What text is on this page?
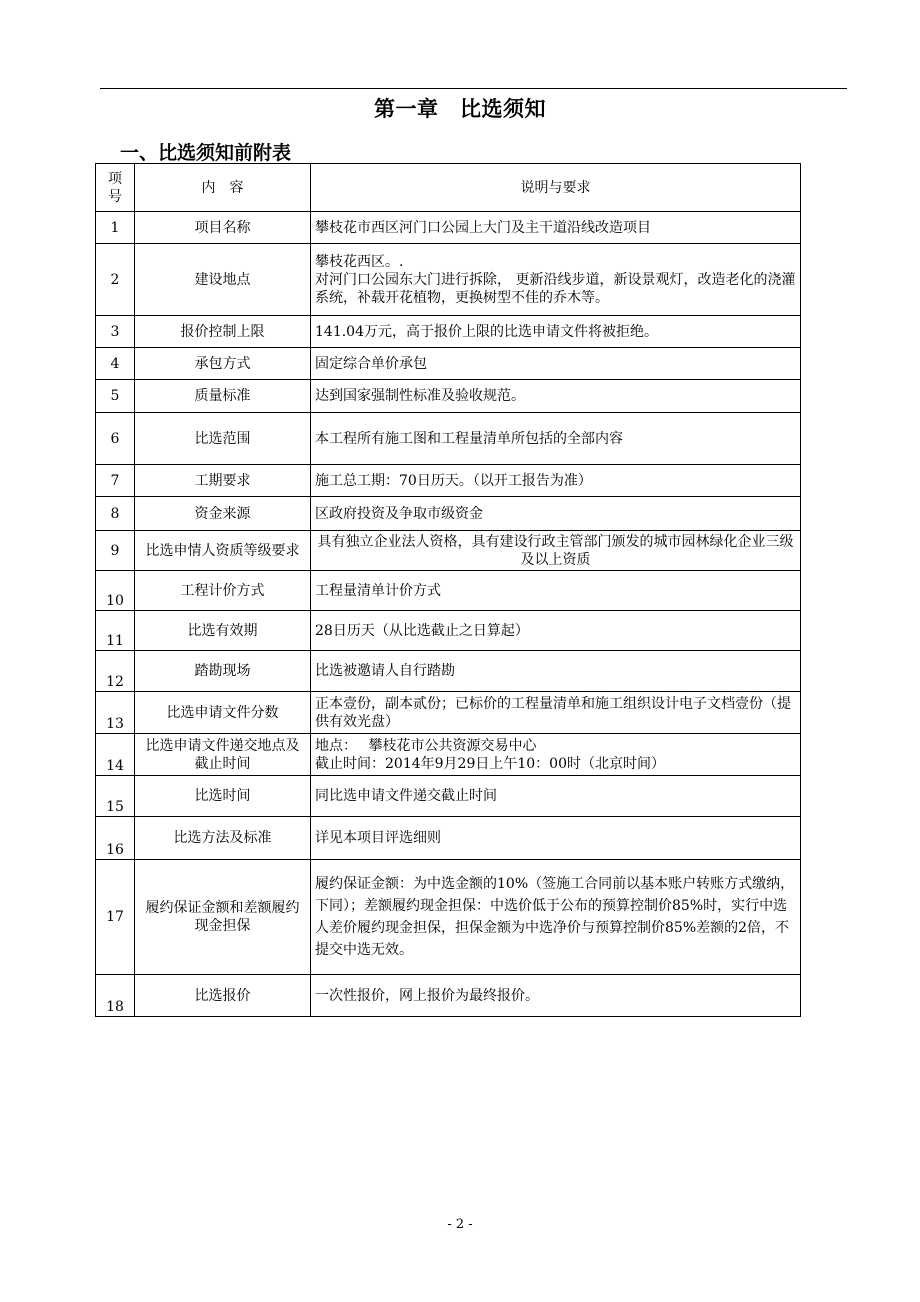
第一章　比选须知
一、比选须知前附表
项号	内　容	说明与要求
1	项目名称	攀枝花市西区河门口公园上大门及主干道沿线改造项目

2	建设地点	攀枝花西区。.
对河门口公园东大门进行拆除， 更新沿线步道，新设景观灯，改造老化的浇灌系统，补载开花植物，更换树型不佳的乔木等。

3	报价控制上限	141.04万元，高于报价上限的比选申请文件将被拒绝。

4	承包方式	固定综合单价承包

5	质量标准	达到国家强制性标准及验收规范。

6	比选范围	本工程所有施工图和工程量清单所包括的全部内容

7	工期要求	施工总工期：70日历天。（以开工报告为准）

8	资金来源	区政府投资及争取市级资金

9	比选申情人资质等级要求	具有独立企业法人资格，具有建设行政主管部门颁发的城市园林绿化企业三级及以上资质

10	工程计价方式	工程量清单计价方式

11	比选有效期	28日历天（从比选截止之日算起）

12	踏勘现场	比选被邀请人自行踏勘

13	比选申请文件分数	正本壹份，副本贰份；已标价的工程量清单和施工组织设计电子文档壹份（提供有效光盘）

14	比选申请文件递交地点及截止时间	地点：　 攀枝花市公共资源交易中心
截止时间：2014年9月29日上午10：00时（北京时间）

15	比选时间	同比选申请文件递交截止时间

16	比选方法及标准	详见本项目评选细则

17	履约保证金额和差额履约现金担保	履约保证金额：为中选金额的10%（签施工合同前以基本账户转账方式缴纳，下同）；差额履约现金担保：中选价低于公布的预算控制价85%时，实行中选人差价履约现金担保，担保金额为中选净价与预算控制价85%差额的2倍，不提交中选无效。

18	比选报价	一次性报价，网上报价为最终报价。
- 2 -
